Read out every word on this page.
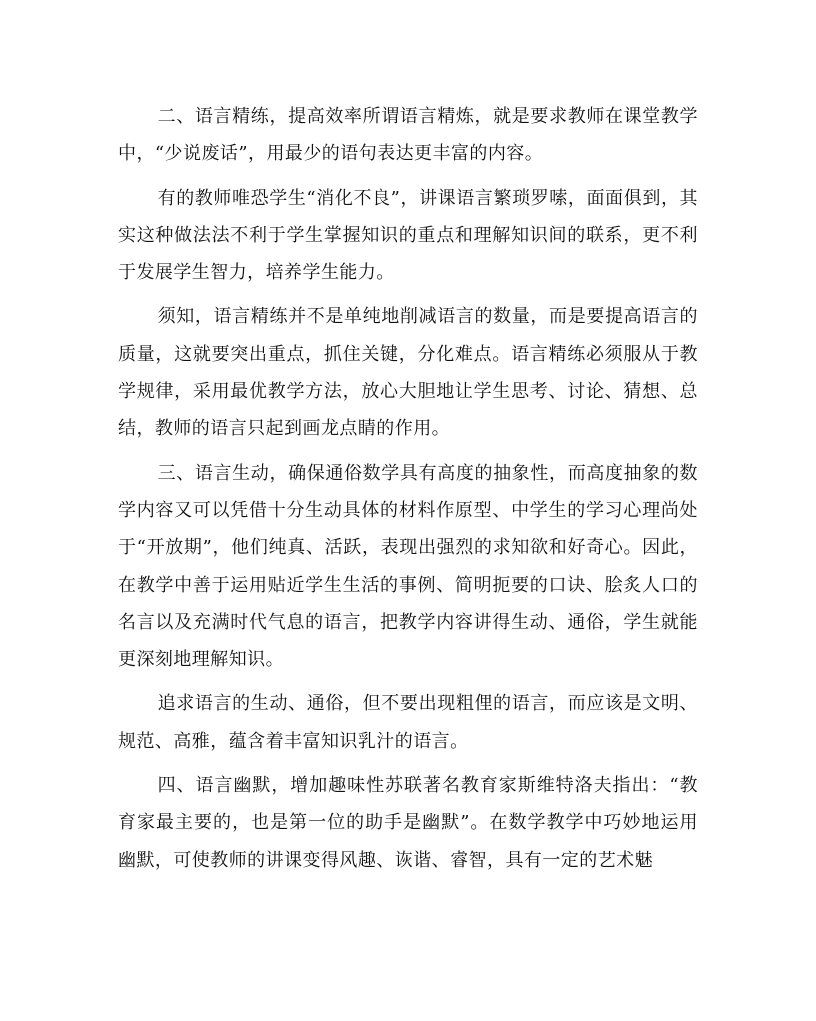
二、语言精练，提高效率所谓语言精炼，就是要求教师在课堂教学中，“少说废话”，用最少的语句表达更丰富的内容。

有的教师唯恐学生“消化不良”，讲课语言繁琐罗嗦，面面俱到，其实这种做法法不利于学生掌握知识的重点和理解知识间的联系，更不利于发展学生智力，培养学生能力。

须知，语言精练并不是单纯地削减语言的数量，而是要提高语言的质量，这就要突出重点，抓住关键，分化难点。语言精练必须服从于教学规律，采用最优教学方法，放心大胆地让学生思考、讨论、猜想、总结，教师的语言只起到画龙点睛的作用。

三、语言生动，确保通俗数学具有高度的抽象性，而高度抽象的数学内容又可以凭借十分生动具体的材料作原型、中学生的学习心理尚处于“开放期”，他们纯真、活跃，表现出强烈的求知欲和好奇心。因此，在教学中善于运用贴近学生生活的事例、简明扼要的口诀、脍炙人口的名言以及充满时代气息的语言，把教学内容讲得生动、通俗，学生就能更深刻地理解知识。

追求语言的生动、通俗，但不要出现粗俚的语言，而应该是文明、规范、高雅，蕴含着丰富知识乳汁的语言。

四、语言幽默，增加趣味性苏联著名教育家斯维特洛夫指出：“教育家最主要的，也是第一位的助手是幽默”。在数学教学中巧妙地运用幽默，可使教师的讲课变得风趣、诙谐、睿智，具有一定的艺术魅
